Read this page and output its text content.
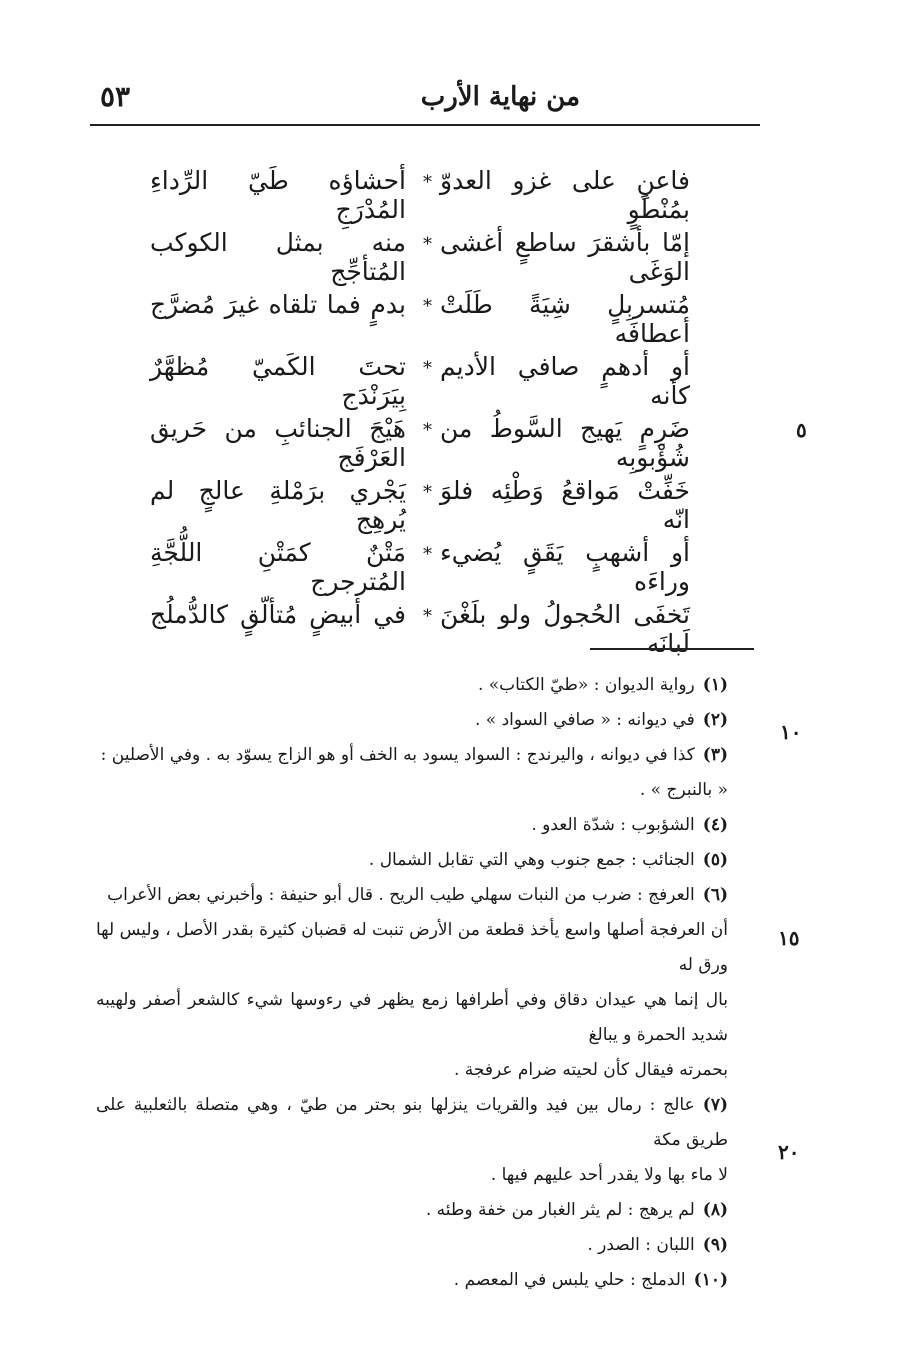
من نهاية الأرب
٥٣
فاعنِ على غزو العدوّ بمُنْطَوٍ
*
أحشاؤه طَيّ الرِّداءِ المُدْرَجِ
إمّا بأشقرَ ساطعٍ أغشى الوَغَى
*
منه بمثل الكوكب المُتأجِّج
مُتسربِلٍ شِيَةً طَلَتْ أعطافَه
*
بدمٍ فما تلقاه غيرَ مُضرَّج
أو أدهمٍ صافي الأديم كأنه
*
تحتَ الكَميّ مُظهَّرٌ بِيَرَنْدَج
ضَرِمٍ يَهيج السَّوطُ من شُؤْبوبِه
*
هَيْجَ الجنائبِ من حَريق العَرْفَج
خَفِّتْ مَواقعُ وَطْئِه فلوَ انّه
*
يَجْري برَمْلةِ عالجٍ لم يُرهِج
أو أشهبٍ يَقَقٍ يُضيء وراءَه
*
مَتْنٌ كمَتْنِ اللُّجَّةِ المُترجرج
تَخفَى الحُجولُ ولو بلَغْنَ لَبانَه
*
في أبيضٍ مُتألّقٍ كالدُّملُج
٥
١٠
١٥
٢٠

(١)رواية الديوان : «طيّ الكتاب» .

(٢)في ديوانه : « صافي السواد » .

(٣)كذا في ديوانه ، واليرندج : السواد يسود به الخف أو هو الزاج يسوّد به . وفي الأصلين :

« بالنبرج » .

(٤)الشؤبوب : شدّة العدو .

(٥)الجنائب : جمع جنوب وهي التي تقابل الشمال .

(٦)العرفج : ضرب من النبات سهلي طيب الريح . قال أبو حنيفة : وأخبرني بعض الأعراب

أن العرفجة أصلها واسع يأخذ قطعة من الأرض تنبت له قضبان كثيرة بقدر الأصل ، وليس لها ورق له

بال إنما هي عيدان دقاق وفي أطرافها زمع يظهر في رءوسها شيء كالشعر أصفر ولهيبه شديد الحمرة و يبالغ

بحمرته فيقال كأن لحيته ضرام عرفجة .

(٧)عالج : رمال بين فيد والقريات ينزلها بنو بحتر من طيّ ، وهي متصلة بالثعلبية على طريق مكة

لا ماء بها ولا يقدر أحد عليهم فيها .

(٨)لم يرهج : لم يثر الغبار من خفة وطئه .

(٩)اللبان : الصدر .

(١٠)الدملج : حلي يلبس في المعصم .
